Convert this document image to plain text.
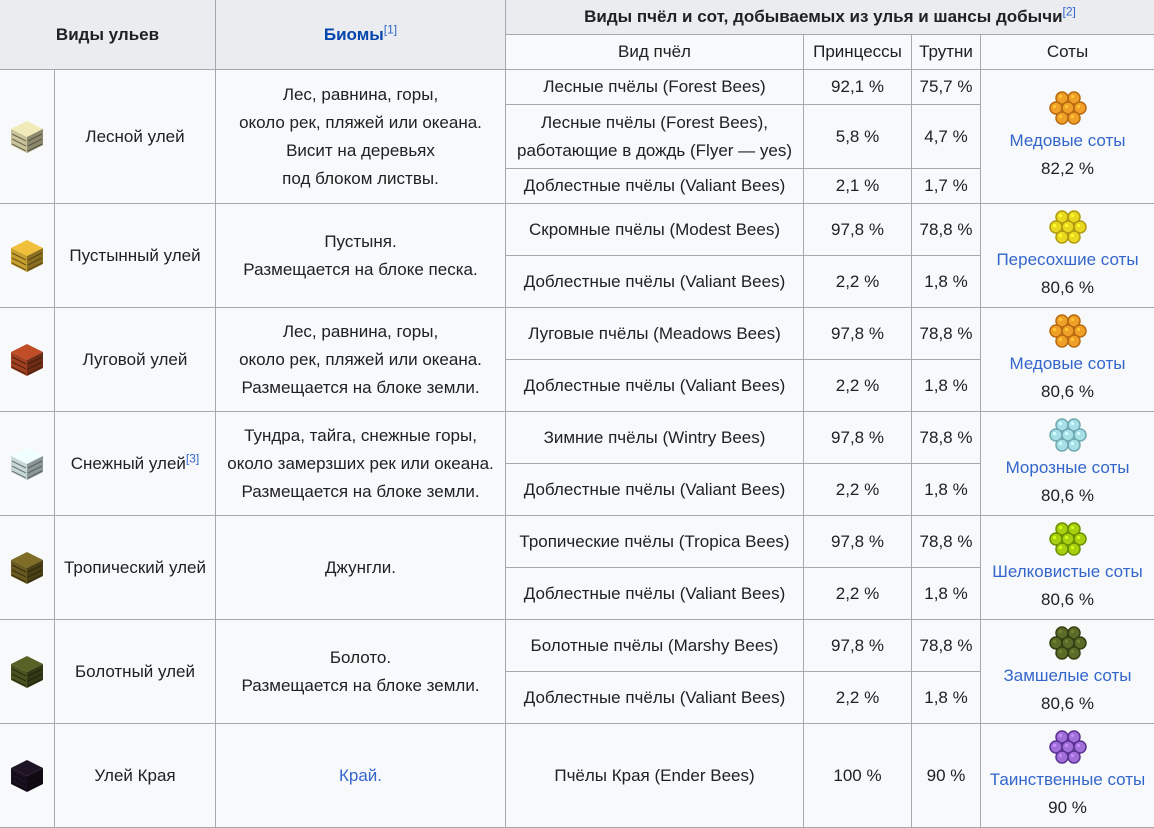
Виды ульев		Биомы[1]	Виды пчёл и сот, добываемых из улья и шансы добычи[2]
			Вид пчёл	Принцессы	Трутни	Соты
	Лесной улей	Лес, равнина, горы,
около рек, пляжей или океана.
Висит на деревьях
под блоком листвы.	Лесные пчёлы (Forest Bees)	92,1 %	75,7 %	Медовые соты
82,2 %

			Лесные пчёлы (Forest Bees),
работающие в дождь (Flyer — yes)	5,8 %	4,7 %	
			Доблестные пчёлы (Valiant Bees)	2,1 %	1,7 %	
	Пустынный улей	Пустыня.
Размещается на блоке песка.	Скромные пчёлы (Modest Bees)	97,8 %	78,8 %	Пересохшие соты
80,6 %

			Доблестные пчёлы (Valiant Bees)	2,2 %	1,8 %	
	Луговой улей	Лес, равнина, горы,
около рек, пляжей или океана.
Размещается на блоке земли.	Луговые пчёлы (Meadows Bees)	97,8 %	78,8 %	Медовые соты
80,6 %

			Доблестные пчёлы (Valiant Bees)	2,2 %	1,8 %	
	Снежный улей[3]	Тундра, тайга, снежные горы,
около замерзших рек или океана.
Размещается на блоке земли.	Зимние пчёлы (Wintry Bees)	97,8 %	78,8 %	Морозные соты
80,6 %

			Доблестные пчёлы (Valiant Bees)	2,2 %	1,8 %	
	Тропический улей	Джунгли.	Тропические пчёлы (Tropica Bees)	97,8 %	78,8 %	Шелковистые соты
80,6 %

			Доблестные пчёлы (Valiant Bees)	2,2 %	1,8 %	
	Болотный улей	Болото.
Размещается на блоке земли.	Болотные пчёлы (Marshy Bees)	97,8 %	78,8 %	Замшелые соты
80,6 %

			Доблестные пчёлы (Valiant Bees)	2,2 %	1,8 %	
	Улей Края	Край.	Пчёлы Края (Ender Bees)	100 %	90 %	Таинственные соты
90 %
